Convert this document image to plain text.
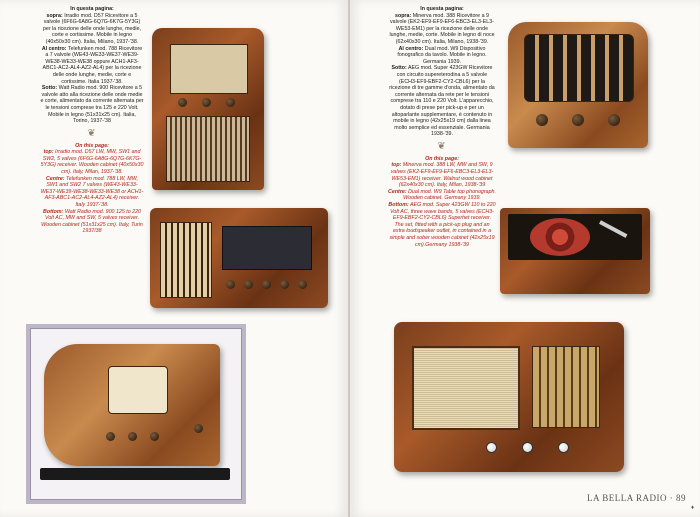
In questa pagina:

sopra: Irradio mod. D57 Ricevitore a 5 valvole (6F6G-6A8G-6Q7G-6K7G-5Y3G) per la ricezione delle onde lunghe, medie, corte e cortissime. Mobile in legno (40x50x30 cm). Italia, Milano, 1937-'38.

Al centro: Telefunken mod. 788 Ricevitore a 7 valvole (WE43-WE33-WE37-WE39-WE38-WE33-WE38 oppure ACH1-AF3-ABC1-AC2-AL4-AZ2-AL4) per la ricezione delle onde lunghe, medie, corte e cortissime. Italia 1937-'38.

Sotto: Watt Radio mod. 900 Ricevitore a 5 valvole atto alla ricezione delle onde medie e corte, alimentato da corrente alternata per le tensioni comprese tra 125 e 220 Volt. Mobile in legno (51x31x25 cm). Italia, Torino, 1937-'38

❦

On this page:

top: Irradio mod. D57 LW, MW, SW1 and SW2, 5 valves (6F6G-6A8G-6Q7G-6K7G-5Y3G) receiver. Wooden cabinet (40x50x30 cm). Italy, Milan, 1937-'38.

Centre: Telefunken mod. 788 LW, MW, SW1 and SW2 7 valves (WE43-WE33-WE37-WE39-WE38-WE33-WE38 or ACH1-AF3-ABC1-AC2-AL4-AZ2-AL4) receiver. Italy 1937-'38.

Bottom: Watt Radio mod. 900 125 to 220 Volt AC, MW and SW, 5 valves receiver. Wooden cabinet (51x31x25 cm). Italy, Turin 1937/38

In questa pagina:

sopra: Minerva mod. 388 Ricevitore a 9 valvole (EK2-EF9-EF9-EF6-EBC3-EL3-EL3-WE53-EM1) per la ricezione delle onde lunghe, medie, corte. Mobile in legno di noce (62x40x30 cm). Italia, Milano, 1938-'39.

Al centro: Dual mod. W9 Dispositivo fonografico da tavolo. Mobile in legno. Germania 1939.

Sotto: AEG mod. Super 423GW Ricevitore con circuito supereterodina a 5 valvole (ECH3-EF9-EBF2-CY2-CBL6) per la ricezione di tre gamme d'onda, alimentato da corrente alternata da rete per le tensioni comprese tra 110 e 220 Volt. L'apparecchio, dotato di prese per pick-up e per un altoparlante supplementare, è contenuto in mobile in legno (42x25x19 cm) dalla linea molto semplice ed essenziale. Germania 1938-'39.

❦

On this page:

top: Minerva mod. 388 LW, MW and SW, 9 valves (EK2-EF9-EF9-EF6-EBC3-EL3-EL3-WE53-EM1) receiver. Walnut wood cabinet (62x40x30 cm). Italy, Milan, 1938-'39

Centre: Dual mod. W9 Table top phonograph. Wooden cabinet. Germany 1939.

Bottom: AEG mod. Super 423GW 110 to 220 Volt AC, three wave bands, 5 valves (ECH3-EF9-EBF2-CY2-CBL6) Superhet receiver. The set, fitted with a pick-up plug and an extra loudspeaker outlet, in contained in a simple and sober wooden cabinet (42x25x19 cm).Germany 1938-'39

LA BELLA RADIO · 89
♦
